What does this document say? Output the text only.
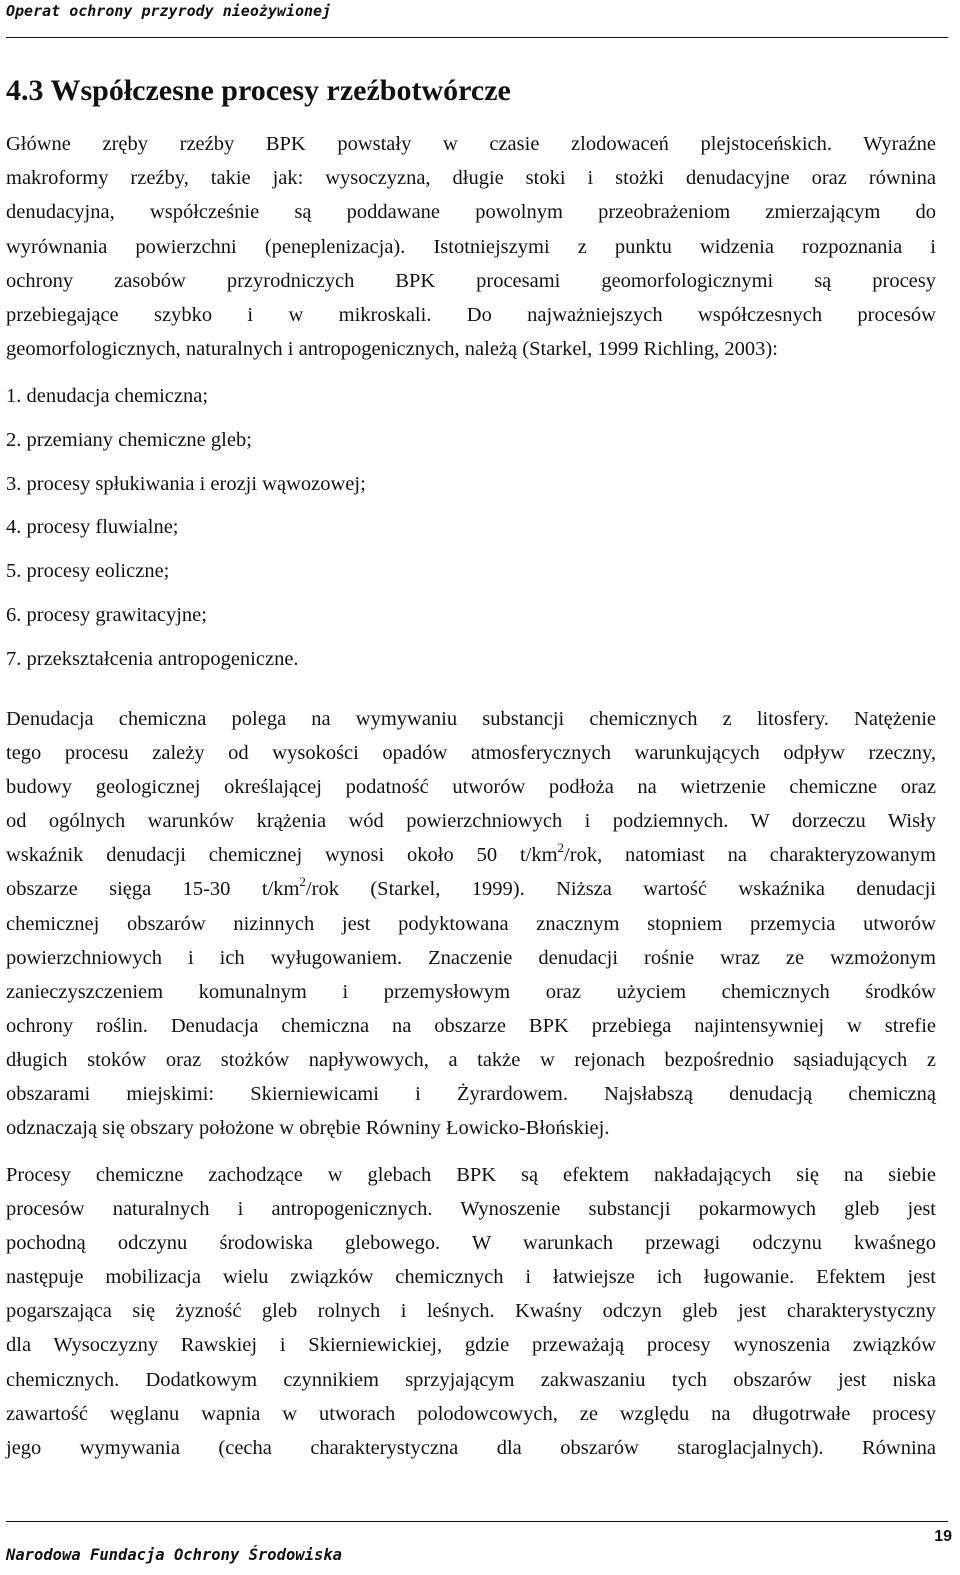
Operat ochrony przyrody nieożywionej

4.3 Współczesne procesy rzeźbotwórcze

Główne zręby rzeźby BPK powstały w czasie zlodowaceń plejstoceńskich. Wyraźne
makroformy rzeźby, takie jak: wysoczyzna, długie stoki i stożki denudacyjne oraz równina
denudacyjna, współcześnie są poddawane powolnym przeobrażeniom zmierzającym do
wyrównania powierzchni (peneplenizacja). Istotniejszymi z punktu widzenia rozpoznania i
ochrony zasobów przyrodniczych BPK procesami geomorfologicznymi są procesy
przebiegające szybko i w mikroskali. Do najważniejszych współczesnych procesów
geomorfologicznych, naturalnych i antropogenicznych, należą (Starkel, 1999 Richling, 2003):

1. denudacja chemiczna;
2. przemiany chemiczne gleb;
3. procesy spłukiwania i erozji wąwozowej;
4. procesy fluwialne;
5. procesy eoliczne;
6. procesy grawitacyjne;
7. przekształcenia antropogeniczne.

Denudacja chemiczna polega na wymywaniu substancji chemicznych z litosfery. Natężenie
tego procesu zależy od wysokości opadów atmosferycznych warunkujących odpływ rzeczny,
budowy geologicznej określającej podatność utworów podłoża na wietrzenie chemiczne oraz
od ogólnych warunków krążenia wód powierzchniowych i podziemnych. W dorzeczu Wisły
wskaźnik denudacji chemicznej wynosi około 50 $t/km^2$/rok, natomiast na charakteryzowanym
obszarze sięga 15-30 $t/km^2$/rok (Starkel, 1999). Niższa wartość wskaźnika denudacji
chemicznej obszarów nizinnych jest podyktowana znacznym stopniem przemycia utworów
powierzchniowych i ich wyługowaniem. Znaczenie denudacji rośnie wraz ze wzmożonym
zanieczyszczeniem komunalnym i przemysłowym oraz użyciem chemicznych środków
ochrony roślin. Denudacja chemiczna na obszarze BPK przebiega najintensywniej w strefie
długich stoków oraz stożków napływowych, a także w rejonach bezpośrednio sąsiadujących z
obszarami miejskimi: Skierniewicami i Żyrardowem. Najsłabszą denudacją chemiczną
odznaczają się obszary położone w obrębie Równiny Łowicko-Błońskiej.

Procesy chemiczne zachodzące w glebach BPK są efektem nakładających się na siebie
procesów naturalnych i antropogenicznych. Wynoszenie substancji pokarmowych gleb jest
pochodną odczynu środowiska glebowego. W warunkach przewagi odczynu kwaśnego
następuje mobilizacja wielu związków chemicznych i łatwiejsze ich ługowanie. Efektem jest
pogarszająca się żyzność gleb rolnych i leśnych. Kwaśny odczyn gleb jest charakterystyczny
dla Wysoczyzny Rawskiej i Skierniewickiej, gdzie przeważają procesy wynoszenia związków
chemicznych. Dodatkowym czynnikiem sprzyjającym zakwaszaniu tych obszarów jest niska
zawartość węglanu wapnia w utworach polodowcowych, ze względu na długotrwałe procesy
jego wymywania (cecha charakterystyczna dla obszarów staroglacjalnych). Równina

19

Narodowa Fundacja Ochrony Środowiska
